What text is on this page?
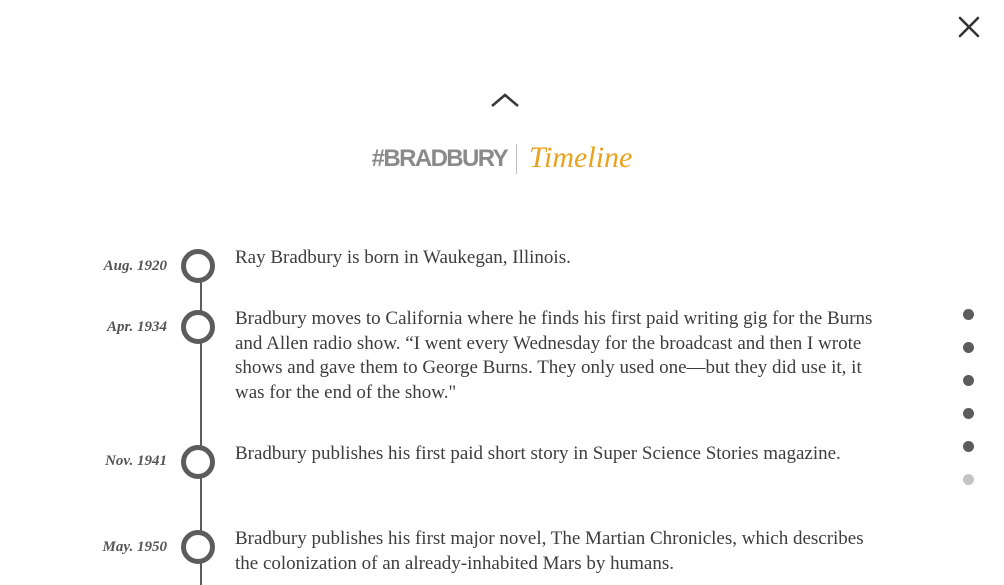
#BRADBURY Timeline
Aug. 1920	Ray Bradbury is born in Waukegan, Illinois.
Apr. 1934	Bradbury moves to California where he finds his first paid writing gig for the Burns and Allen radio show. “I went every Wednesday for the broadcast and then I wrote shows and gave them to George Burns. They only used one—but they did use it, it was for the end of the show."
Nov. 1941	Bradbury publishes his first paid short story in Super Science Stories magazine.
May. 1950	Bradbury publishes his first major novel, The Martian Chronicles, which describes the colonization of an already-inhabited Mars by humans.
